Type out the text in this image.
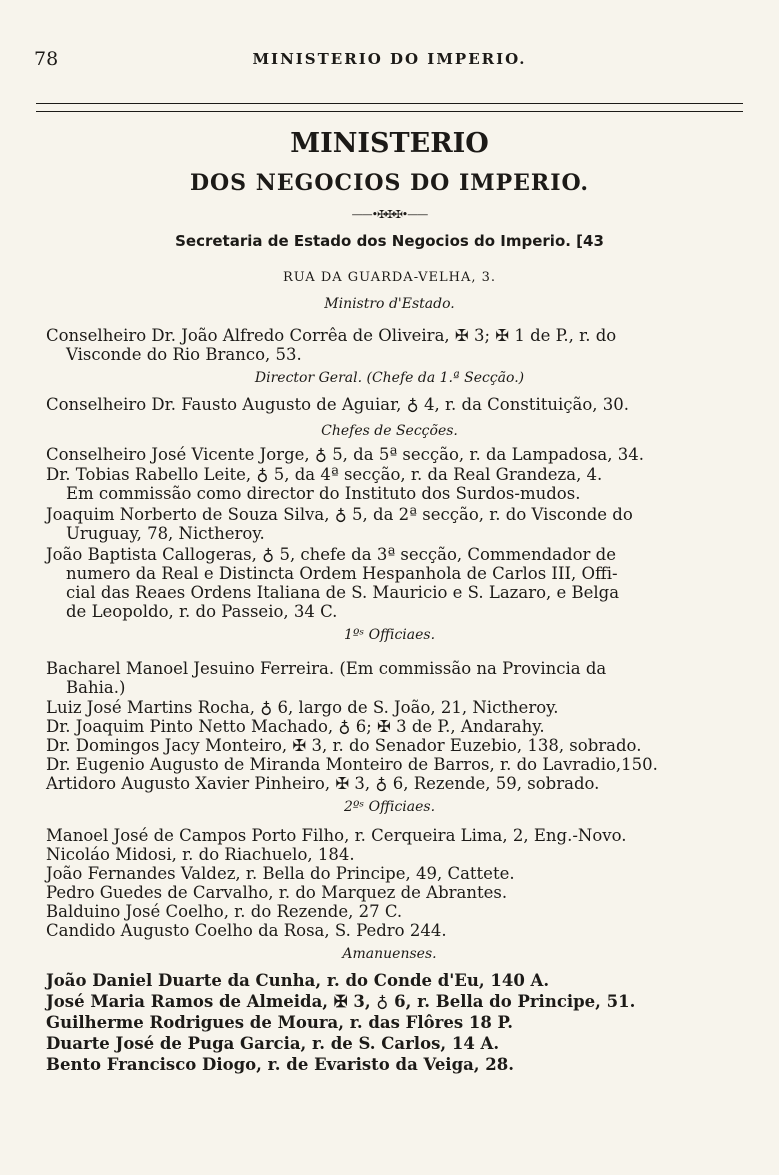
78	MINISTERIO DO IMPERIO.
MINISTERIO
DOS NEGOCIOS DO IMPERIO.
——•✠✠✠•——
Secretaria de Estado dos Negocios do Imperio. [43
RUA DA GUARDA-VELHA, 3.
Ministro d'Estado.
Conselheiro Dr. João Alfredo Corrêa de Oliveira, ✠ 3; ✠ 1 de P., r. do
Visconde do Rio Branco, 53.
Director Geral. (Chefe da 1.ª Secção.)
Conselheiro Dr. Fausto Augusto de Aguiar, ♁ 4, r. da Constituição, 30.
Chefes de Secções.
Conselheiro José Vicente Jorge, ♁ 5, da 5ª secção, r. da Lampadosa, 34.
Dr. Tobias Rabello Leite, ♁ 5, da 4ª secção, r. da Real Grandeza, 4.
Em commissão como director do Instituto dos Surdos-mudos.
Joaquim Norberto de Souza Silva, ♁ 5, da 2ª secção, r. do Visconde do
Uruguay, 78, Nictheroy.
João Baptista Callogeras, ♁ 5, chefe da 3ª secção, Commendador de
numero da Real e Distincta Ordem Hespanhola de Carlos III, Offi-
cial das Reaes Ordens Italiana de S. Mauricio e S. Lazaro, e Belga
de Leopoldo, r. do Passeio, 34 C.
1ºˢ Officiaes.
Bacharel Manoel Jesuino Ferreira. (Em commissão na Provincia da
Bahia.)
Luiz José Martins Rocha, ♁ 6, largo de S. João, 21, Nictheroy.
Dr. Joaquim Pinto Netto Machado, ♁ 6; ✠ 3 de P., Andarahy.
Dr. Domingos Jacy Monteiro, ✠ 3, r. do Senador Euzebio, 138, sobrado.
Dr. Eugenio Augusto de Miranda Monteiro de Barros, r. do Lavradio,150.
Artidoro Augusto Xavier Pinheiro, ✠ 3, ♁ 6, Rezende, 59, sobrado.
2ºˢ Officiaes.
Manoel José de Campos Porto Filho, r. Cerqueira Lima, 2, Eng.-Novo.
Nicoláo Midosi, r. do Riachuelo, 184.
João Fernandes Valdez, r. Bella do Principe, 49, Cattete.
Pedro Guedes de Carvalho, r. do Marquez de Abrantes.
Balduino José Coelho, r. do Rezende, 27 C.
Candido Augusto Coelho da Rosa, S. Pedro 244.
Amanuenses.
João Daniel Duarte da Cunha, r. do Conde d'Eu, 140 A.
José Maria Ramos de Almeida, ✠ 3, ♁ 6, r. Bella do Principe, 51.
Guilherme Rodrigues de Moura, r. das Flôres 18 P.
Duarte José de Puga Garcia, r. de S. Carlos, 14 A.
Bento Francisco Diogo, r. de Evaristo da Veiga, 28.
